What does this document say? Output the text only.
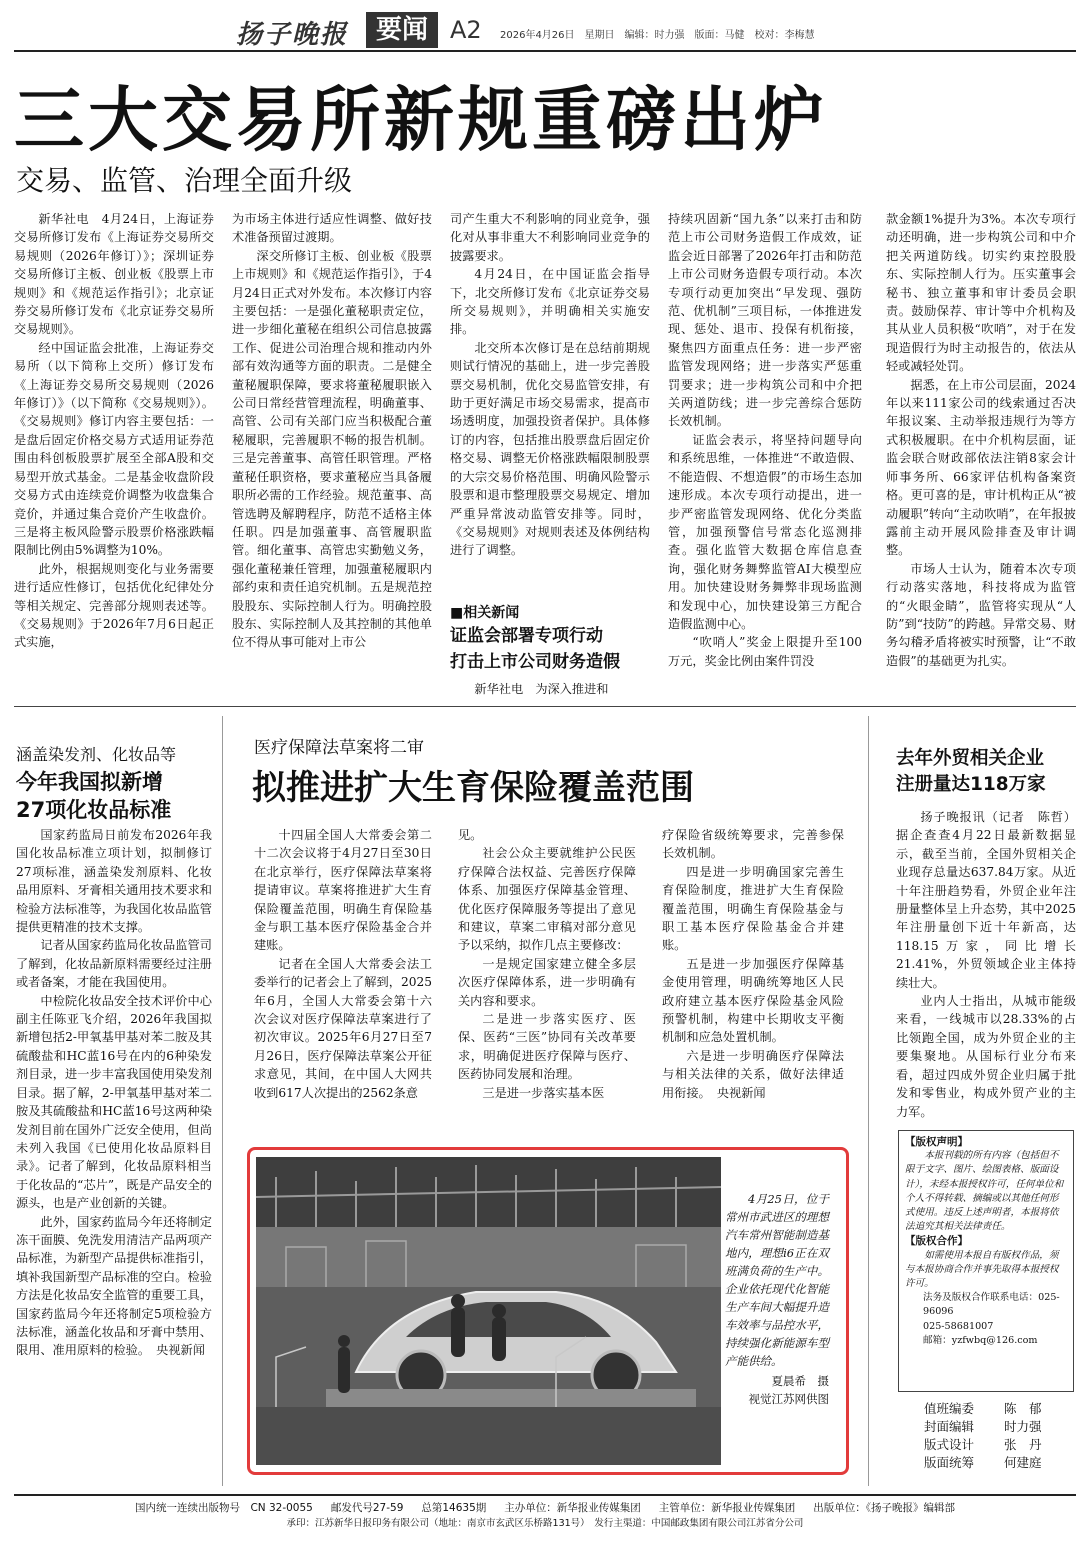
扬子晚报	要闻 A2 2026年4月26日　星期日　编辑：时力强　版面：马健　校对：李梅慧
三大交易所新规重磅出炉
交易、监管、治理全面升级

新华社电　4月24日，上海证券交易所修订发布《上海证券交易所交易规则（2026年修订）》；深圳证券交易所修订主板、创业板《股票上市规则》和《规范运作指引》；北京证券交易所修订发布《北京证券交易所交易规则》。

经中国证监会批准，上海证券交易所（以下简称上交所）修订发布《上海证券交易所交易规则（2026年修订）》（以下简称《交易规则》）。《交易规则》修订内容主要包括：一是盘后固定价格交易方式适用证券范围由科创板股票扩展至全部A股和交易型开放式基金。二是基金收盘阶段交易方式由连续竞价调整为收盘集合竞价，并通过集合竞价产生收盘价。三是将主板风险警示股票价格涨跌幅限制比例由5%调整为10%。

此外，根据规则变化与业务需要进行适应性修订，包括优化纪律处分等相关规定、完善部分规则表述等。《交易规则》于2026年7月6日起正式实施，

为市场主体进行适应性调整、做好技术准备预留过渡期。

深交所修订主板、创业板《股票上市规则》和《规范运作指引》，于4月24日正式对外发布。本次修订内容主要包括：一是强化董秘职责定位，进一步细化董秘在组织公司信息披露工作、促进公司治理合规和推动内外部有效沟通等方面的职责。二是健全董秘履职保障，要求将董秘履职嵌入公司日常经营管理流程，明确董事、高管、公司有关部门应当积极配合董秘履职，完善履职不畅的报告机制。三是完善董事、高管任职管理。严格董秘任职资格，要求董秘应当具备履职所必需的工作经验。规范董事、高管选聘及解聘程序，防范不适格主体任职。四是加强董事、高管履职监管。细化董事、高管忠实勤勉义务，强化董秘兼任管理，加强董秘履职内部约束和责任追究机制。五是规范控股股东、实际控制人行为。明确控股股东、实际控制人及其控制的其他单位不得从事可能对上市公

司产生重大不利影响的同业竞争，强化对从事非重大不利影响同业竞争的披露要求。

4月24日，在中国证监会指导下，北交所修订发布《北京证券交易所交易规则》，并明确相关实施安排。

北交所本次修订是在总结前期规则试行情况的基础上，进一步完善股票交易机制，优化交易监管安排，有助于更好满足市场交易需求，提高市场透明度，加强投资者保护。具体修订的内容，包括推出股票盘后固定价格交易、调整无价格涨跌幅限制股票的大宗交易价格范围、明确风险警示股票和退市整理股票交易规定、增加严重异常波动监管安排等。同时，《交易规则》对规则表述及体例结构进行了调整。

持续巩固新“国九条”以来打击和防范上市公司财务造假工作成效，证监会近日部署了2026年打击和防范上市公司财务造假专项行动。本次专项行动更加突出“早发现、强防范、优机制”三项目标，一体推进发现、惩处、退市、投保有机衔接，聚焦四方面重点任务：进一步严密监管发现网络；进一步落实严惩重罚要求；进一步构筑公司和中介把关两道防线；进一步完善综合惩防长效机制。

证监会表示，将坚持问题导向和系统思维，一体推进“不敢造假、不能造假、不想造假”的市场生态加速形成。本次专项行动提出，进一步严密监管发现网络、优化分类监管，加强预警信号常态化巡测排查。强化监管大数据仓库信息查询，强化财务舞弊监管AI大模型应用。加快建设财务舞弊非现场监测和发现中心，加快建设第三方配合造假监测中心。

“吹哨人”奖金上限提升至100万元，奖金比例由案件罚没

款金额1%提升为3%。本次专项行动还明确，进一步构筑公司和中介把关两道防线。切实约束控股股东、实际控制人行为。压实董事会秘书、独立董事和审计委员会职责。鼓励保荐、审计等中介机构及其从业人员积极“吹哨”，对于在发现造假行为时主动报告的，依法从轻或减轻处罚。

据悉，在上市公司层面，2024年以来111家公司的线索通过否决年报议案、主动举报违规行为等方式积极履职。在中介机构层面，证监会联合财政部依法注销8家会计师事务所、66家评估机构备案资格。更可喜的是，审计机构正从“被动履职”转向“主动吹哨”，在年报披露前主动开展风险排查及审计调整。

市场人士认为，随着本次专项行动落实落地，科技将成为监管的“火眼金睛”，监管将实现从“人防”到“技防”的跨越。异常交易、财务勾稽矛盾将被实时预警，让“不敢造假”的基础更为扎实。

■相关新闻
证监会部署专项行动
打击上市公司财务造假
新华社电　为深入推进和
涵盖染发剂、化妆品等
今年我国拟新增
27项化妆品标准

国家药监局日前发布2026年我国化妆品标准立项计划，拟制修订27项标准，涵盖染发剂原料、化妆品用原料、牙膏相关通用技术要求和检验方法标准等，为我国化妆品监管提供更精准的技术支撑。

记者从国家药监局化妆品监管司了解到，化妆品新原料需要经过注册或者备案，才能在我国使用。

中检院化妆品安全技术评价中心副主任陈亚飞介绍，2026年我国拟新增包括2-甲氧基甲基对苯二胺及其硫酸盐和HC蓝16号在内的6种染发剂目录，进一步丰富我国使用染发剂目录。据了解，2-甲氧基甲基对苯二胺及其硫酸盐和HC蓝16号这两种染发剂目前在国外广泛安全使用，但尚未列入我国《已使用化妆品原料目录》。记者了解到，化妆品原料相当于化妆品的“芯片”，既是产品安全的源头，也是产业创新的关键。

此外，国家药监局今年还将制定冻干面膜、免洗发用清洁产品两项产品标准，为新型产品提供标准指引，填补我国新型产品标准的空白。检验方法是化妆品安全监管的重要工具，国家药监局今年还将制定5项检验方法标准，涵盖化妆品和牙膏中禁用、限用、准用原料的检验。　央视新闻

医疗保障法草案将二审
拟推进扩大生育保险覆盖范围

十四届全国人大常委会第二十二次会议将于4月27日至30日在北京举行，医疗保障法草案将提请审议。草案将推进扩大生育保险覆盖范围，明确生育保险基金与职工基本医疗保险基金合并建账。

记者在全国人大常委会法工委举行的记者会上了解到，2025年6月，全国人大常委会第十六次会议对医疗保障法草案进行了初次审议。2025年6月27日至7月26日，医疗保障法草案公开征求意见，其间，在中国人大网共收到617人次提出的2562条意

见。

社会公众主要就维护公民医疗保障合法权益、完善医疗保障体系、加强医疗保障基金管理、优化医疗保障服务等提出了意见和建议，草案二审稿对部分意见予以采纳，拟作几点主要修改：

一是规定国家建立健全多层次医疗保障体系，进一步明确有关内容和要求。

二是进一步落实医疗、医保、医药“三医”协同有关改革要求，明确促进医疗保障与医疗、医药协同发展和治理。

三是进一步落实基本医

疗保险省级统筹要求，完善参保长效机制。

四是进一步明确国家完善生育保险制度，推进扩大生育保险覆盖范围，明确生育保险基金与职工基本医疗保险基金合并建账。

五是进一步加强医疗保障基金使用管理，明确统筹地区人民政府建立基本医疗保险基金风险预警机制，构建中长期收支平衡机制和应急处置机制。

六是进一步明确医疗保障法与相关法律的关系，做好法律适用衔接。　央视新闻

去年外贸相关企业
注册量达118万家

扬子晚报讯（记者　陈哲）据企查查4月22日最新数据显示，截至当前，全国外贸相关企业现存总量达637.84万家。从近十年注册趋势看，外贸企业年注册量整体呈上升态势，其中2025年注册量创下近十年新高，达118.15万家，同比增长21.41%，外贸领域企业主体持续壮大。

业内人士指出，从城市能级来看，一线城市以28.33%的占比领跑全国，成为外贸企业的主要集聚地。从国标行业分布来看，超过四成外贸企业归属于批发和零售业，构成外贸产业的主力军。

4月25日，位于常州市武进区的理想汽车常州智能制造基地内，理想i6正在双班满负荷的生产中。企业依托现代化智能生产车间大幅提升造车效率与品控水平，持续强化新能源车型产能供给。

夏晨希　摄
视觉江苏网供图
【版权声明】
本报刊载的所有内容（包括但不限于文字、图片、绘图表格、版面设计），未经本报授权许可，任何单位和个人不得转载、摘编或以其他任何形式使用。违反上述声明者，本报将依法追究其相关法律责任。
【版权合作】
如需使用本报自有版权作品，须与本报协商合作并事先取得本报授权许可。
法务及版权合作联系电话：025-96096
025-58681007
邮箱：yzfwbq@126.com
值班编委	陈　郁
封面编辑	时力强
版式设计	张　丹
版面统筹	何建庭
国内统一连续出版物号　CN 32-0055 邮发代号27-59 总第14635期 主办单位：新华报业传媒集团 主管单位：新华报业传媒集团 出版单位：《扬子晚报》编辑部
承印：江苏新华日报印务有限公司（地址：南京市玄武区乐桥路131号）　发行主渠道：中国邮政集团有限公司江苏省分公司
